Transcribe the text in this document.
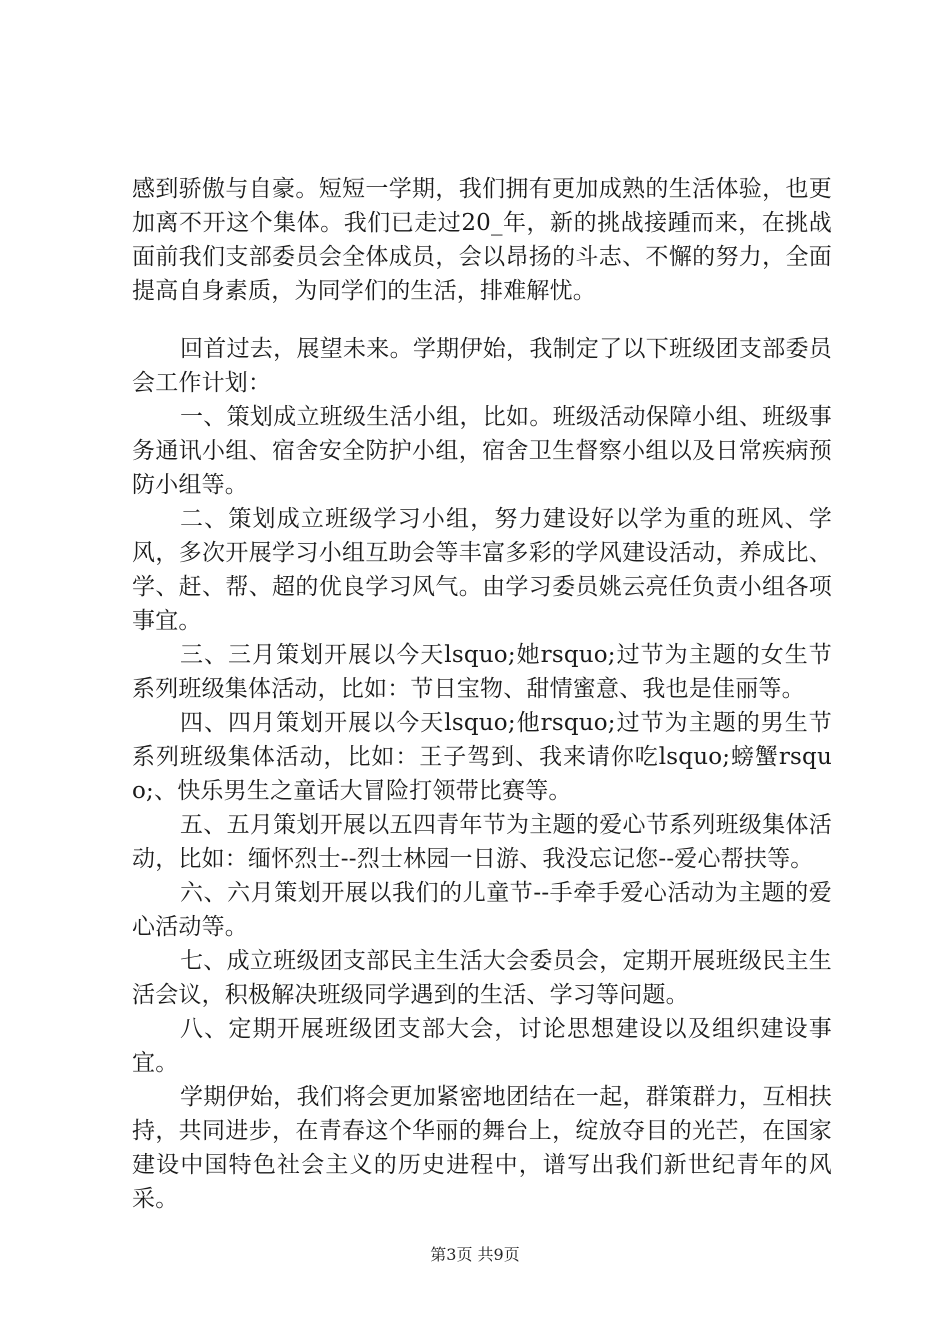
感到骄傲与自豪。短短一学期，我们拥有更加成熟的生活体验，也更加离不开这个集体。我们已走过20_年，新的挑战接踵而来，在挑战面前我们支部委员会全体成员，会以昂扬的斗志、不懈的努力，全面提高自身素质，为同学们的生活，排难解忧。

回首过去，展望未来。学期伊始，我制定了以下班级团支部委员会工作计划：

一、策划成立班级生活小组，比如。班级活动保障小组、班级事务通讯小组、宿舍安全防护小组，宿舍卫生督察小组以及日常疾病预防小组等。

二、策划成立班级学习小组，努力建设好以学为重的班风、学风，多次开展学习小组互助会等丰富多彩的学风建设活动，养成比、学、赶、帮、超的优良学习风气。由学习委员姚云亮任负责小组各项事宜。

三、三月策划开展以今天lsquo;她rsquo;过节为主题的女生节系列班级集体活动，比如：节日宝物、甜情蜜意、我也是佳丽等。

四、四月策划开展以今天lsquo;他rsquo;过节为主题的男生节系列班级集体活动，比如：王子驾到、我来请你吃lsquo;螃蟹rsquo;、快乐男生之童话大冒险打领带比赛等。

五、五月策划开展以五四青年节为主题的爱心节系列班级集体活动，比如：缅怀烈士--烈士林园一日游、我没忘记您--爱心帮扶等。

六、六月策划开展以我们的儿童节--手牵手爱心活动为主题的爱心活动等。

七、成立班级团支部民主生活大会委员会，定期开展班级民主生活会议，积极解决班级同学遇到的生活、学习等问题。

八、定期开展班级团支部大会，讨论思想建设以及组织建设事宜。

学期伊始，我们将会更加紧密地团结在一起，群策群力，互相扶持，共同进步，在青春这个华丽的舞台上，绽放夺目的光芒，在国家建设中国特色社会主义的历史进程中，谱写出我们新世纪青年的风采。

第3页 共9页
